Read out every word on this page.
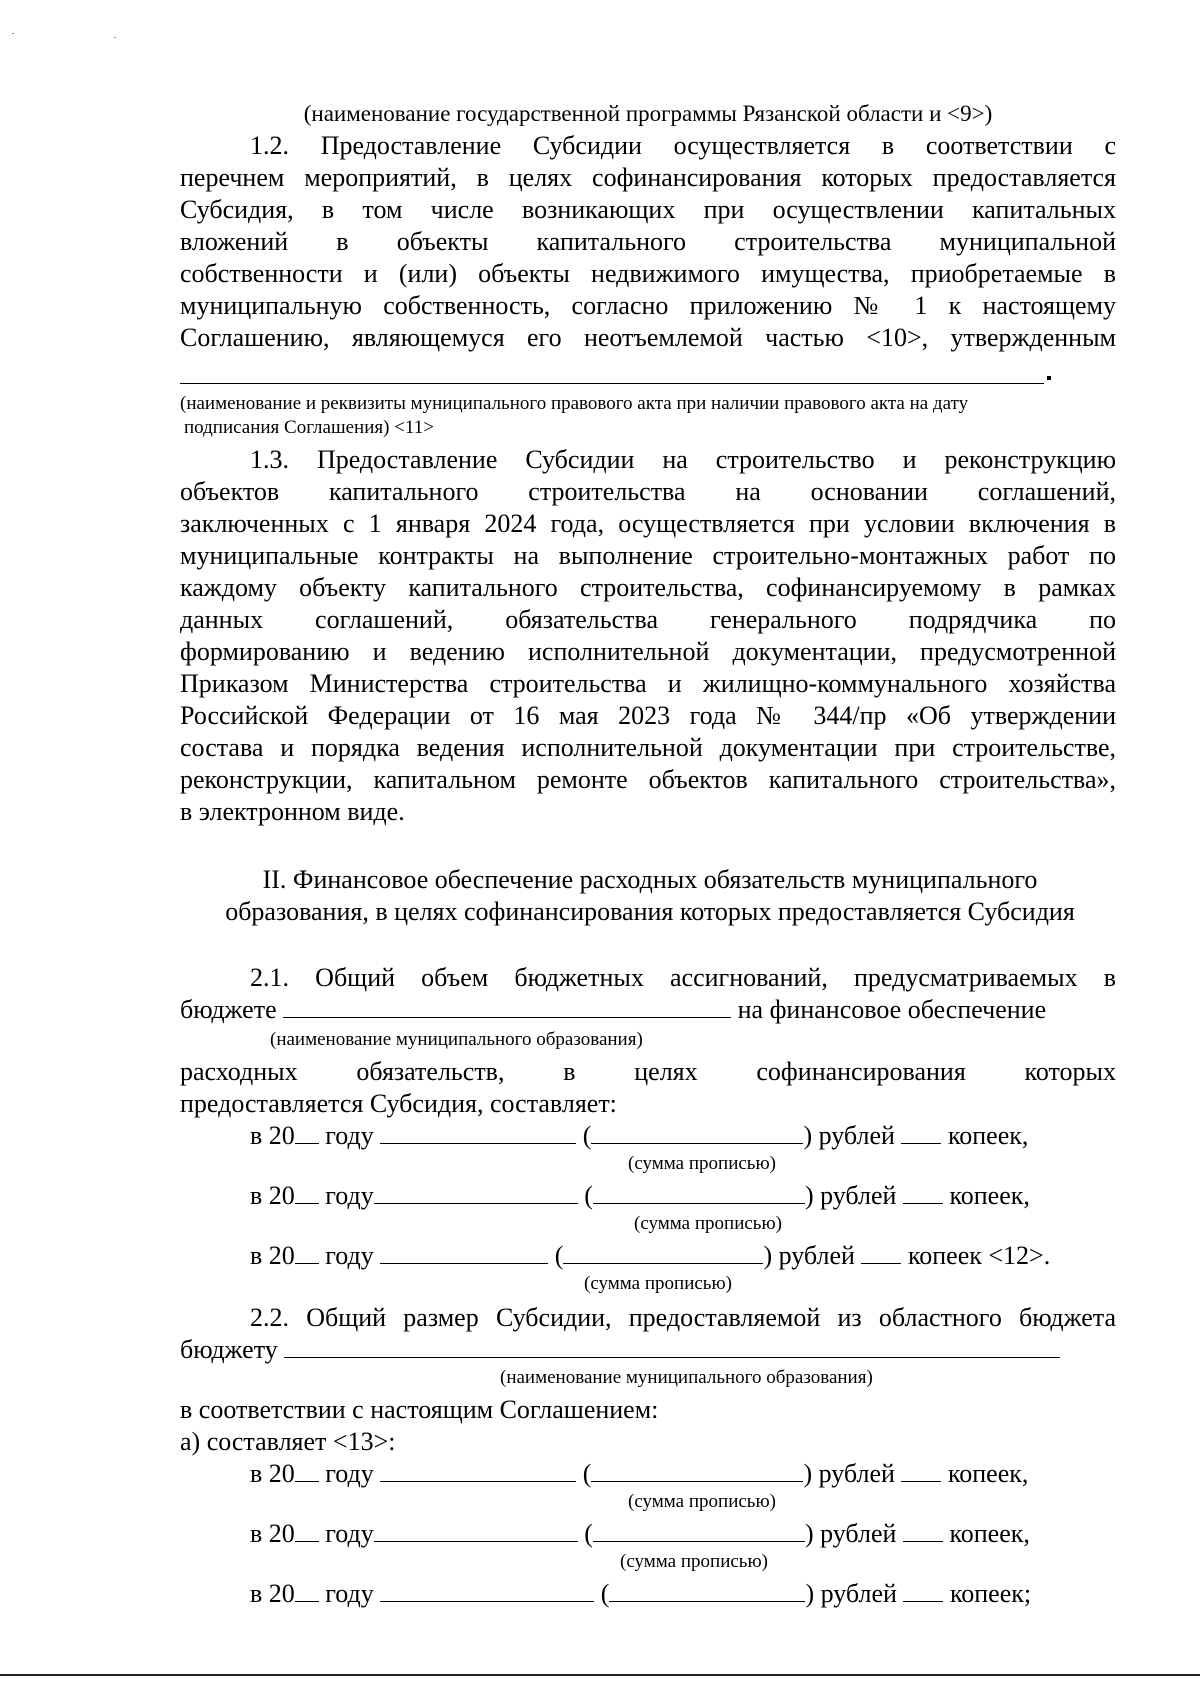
(наименование государственной программы Рязанской области и <9>)
1.2. Предоставление Субсидии осуществляется в соответствии с
перечнем мероприятий, в целях софинансирования которых предоставляется
Субсидия, в том числе возникающих при осуществлении капитальных
вложений в объекты капитального строительства муниципальной
собственности и (или) объекты недвижимого имущества, приобретаемые в
муниципальную собственность, согласно приложению № 1 к настоящему
Соглашению, являющемуся его неотъемлемой частью <10>, утвержденным
(наименование и реквизиты муниципального правового акта при наличии правового акта на дату
подписания Соглашения) <11>
1.3. Предоставление Субсидии на строительство и реконструкцию
объектов капитального строительства на основании соглашений,
заключенных с 1 января 2024 года, осуществляется при условии включения в
муниципальные контракты на выполнение строительно-монтажных работ по
каждому объекту капитального строительства, софинансируемому в рамках
данных соглашений, обязательства генерального подрядчика по
формированию и ведению исполнительной документации, предусмотренной
Приказом Министерства строительства и жилищно-коммунального хозяйства
Российской Федерации от 16 мая 2023 года № 344/пр «Об утверждении
состава и порядка ведения исполнительной документации при строительстве,
реконструкции, капитальном ремонте объектов капитального строительства»,
в электронном виде.
II. Финансовое обеспечение расходных обязательств муниципального
образования, в целях софинансирования которых предоставляется Субсидия
2.1. Общий объем бюджетных ассигнований, предусматриваемых в
бюджете	на финансовое обеспечение
(наименование муниципального образования)
расходных обязательств, в целях софинансирования которых
предоставляется Субсидия, составляет:
в 20 году	(	) рублей копеек,
(сумма прописью)
в 20 году	(	) рублей копеек,
(сумма прописью)
в 20 году	(	) рублей копеек <12>.
(сумма прописью)
2.2. Общий размер Субсидии, предоставляемой из областного бюджета
бюджету
(наименование муниципального образования)
в соответствии с настоящим Соглашением:
а) составляет <13>:
в 20 году	(	) рублей копеек,
(сумма прописью)
в 20 году	(	) рублей копеек,
(сумма прописью)
в 20 году	(	) рублей копеек;
